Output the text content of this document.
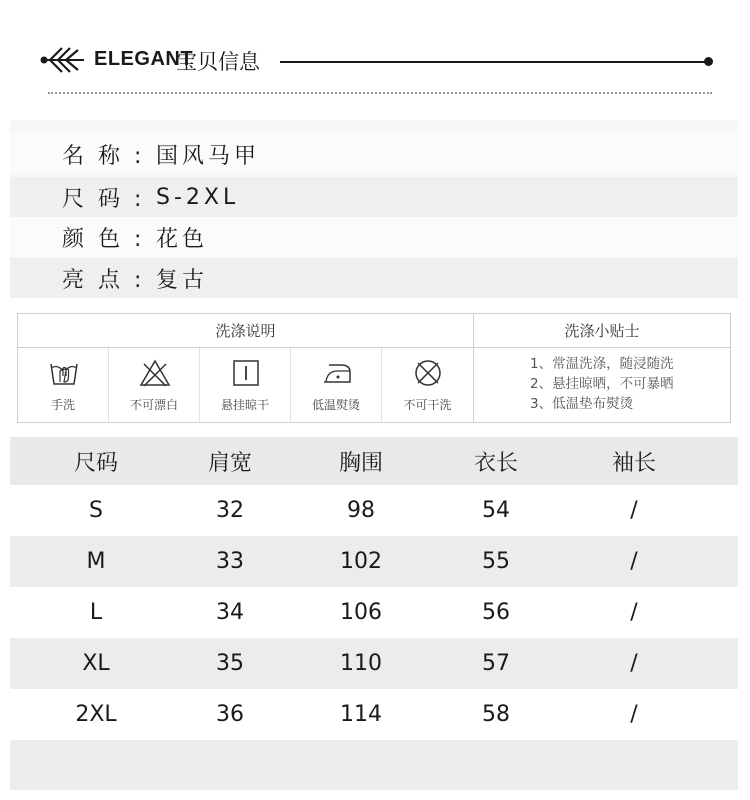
ELEGANT
宝贝信息
名称: 国风马甲
尺码: S-2XL
颜色: 花色
亮点: 复古
洗涤说明	洗涤小贴士
手洗	不可漂白	悬挂晾干	低温熨烫	不可干洗
1、常温洗涤，随浸随洗
2、悬挂晾晒，不可暴晒
3、低温垫布熨烫
尺码	肩宽	胸围	衣长	袖长
S	32	98	54	/
M	33	102	55	/
L	34	106	56	/
XL	35	110	57	/
2XL	36	114	58	/
